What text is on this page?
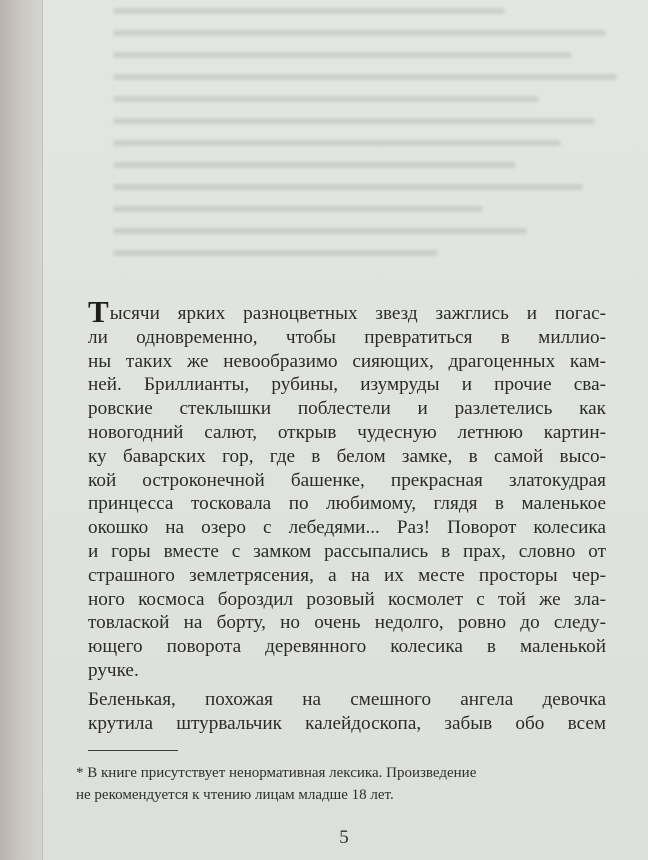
Тысячи ярких разноцветных звезд зажглись и погас-
ли одновременно, чтобы превратиться в миллио-
ны таких же невообразимо сияющих, драгоценных кам-
ней. Бриллианты, рубины, изумруды и прочие сва-
ровские стеклышки поблестели и разлетелись как
новогодний салют, открыв чудесную летнюю картин-
ку баварских гор, где в белом замке, в самой высо-
кой остроконечной башенке, прекрасная златокудрая
принцесса тосковала по любимому, глядя в маленькое
окошко на озеро с лебедями... Раз! Поворот колесика
и горы вместе с замком рассыпались в прах, словно от
страшного землетрясения, а на их месте просторы чер-
ного космоса бороздил розовый космолет с той же зла-
товлаской на борту, но очень недолго, ровно до следу-
ющего поворота деревянного колесика в маленькой
ручке.
Беленькая, похожая на смешного ангела девочка
крутила штурвальчик калейдоскопа, забыв обо всем
* В книге присутствует ненормативная лексика. Произведение
не рекомендуется к чтению лицам младше 18 лет.
5
